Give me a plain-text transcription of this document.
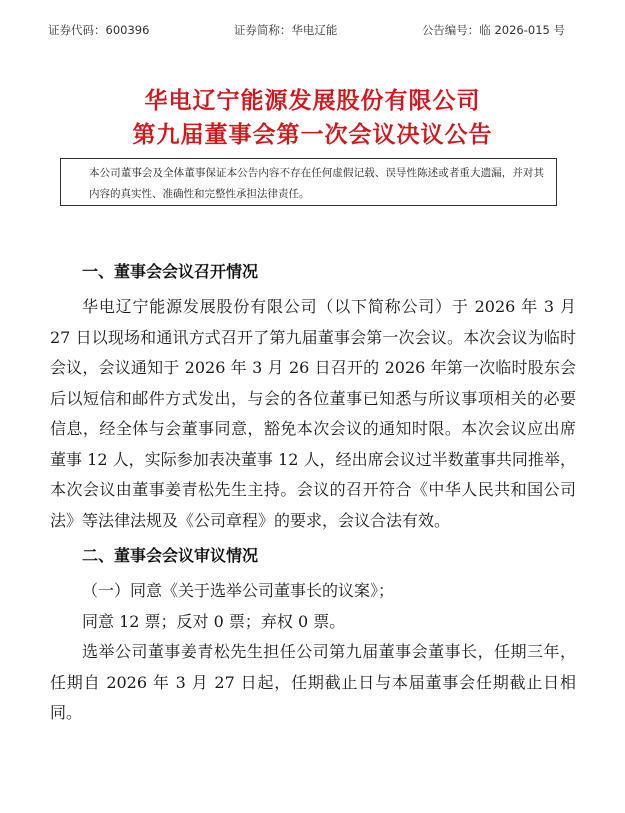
证券代码：600396	证券简称：华电辽能	公告编号：临 2026-015 号
华电辽宁能源发展股份有限公司
第九届董事会第一次会议决议公告
本公司董事会及全体董事保证本公告内容不存在任何虚假记载、误导性陈述或者重大遗漏，并对其内容的真实性、准确性和完整性承担法律责任。
一、董事会会议召开情况

华电辽宁能源发展股份有限公司（以下简称公司）于 2026 年 3 月 27 日以现场和通讯方式召开了第九届董事会第一次会议。本次会议为临时会议，会议通知于 2026 年 3 月 26 日召开的 2026 年第一次临时股东会后以短信和邮件方式发出，与会的各位董事已知悉与所议事项相关的必要信息，经全体与会董事同意，豁免本次会议的通知时限。本次会议应出席董事 12 人，实际参加表决董事 12 人，经出席会议过半数董事共同推举，本次会议由董事姜青松先生主持。会议的召开符合《中华人民共和国公司法》等法律法规及《公司章程》的要求，会议合法有效。

二、董事会会议审议情况

（一）同意《关于选举公司董事长的议案》；

同意 12 票；反对 0 票；弃权 0 票。

选举公司董事姜青松先生担任公司第九届董事会董事长，任期三年，任期自 2026 年 3 月 27 日起，任期截止日与本届董事会任期截止日相同。
